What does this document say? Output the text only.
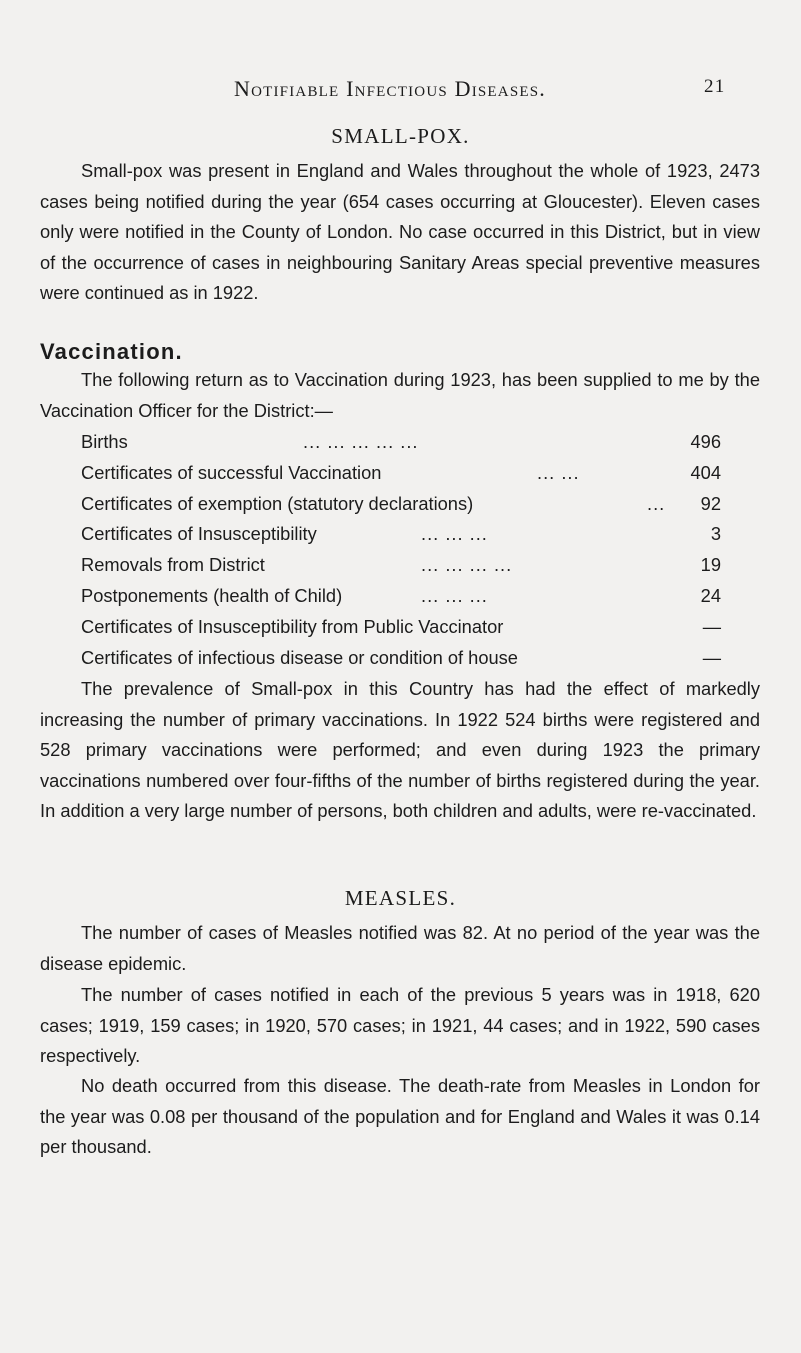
Notifiable Infectious Diseases.	21
SMALL-POX.
Small-pox was present in England and Wales throughout the whole of 1923, 2473 cases being notified during the year (654 cases occurring at Gloucester). Eleven cases only were notified in the County of London. No case occurred in this District, but in view of the occurrence of cases in neighbouring Sanitary Areas special preventive measures were continued as in 1922.
Vaccination.
The following return as to Vaccination during 1923, has been supplied to me by the Vaccination Officer for the District:—
Births	... ... ... ... ...	496
Certificates of successful Vaccination	... ...	404
Certificates of exemption (statutory declarations)	...	92
Certificates of Insusceptibility	... ... ...	3
Removals from District	... ... ... ...	19
Postponements (health of Child)	... ... ...	24
Certificates of Insusceptibility from Public Vaccinator	—
Certificates of infectious disease or condition of house	—
The prevalence of Small-pox in this Country has had the effect of markedly increasing the number of primary vaccinations. In 1922 524 births were registered and 528 primary vaccinations were performed; and even during 1923 the primary vaccinations numbered over four-fifths of the number of births registered during the year. In addition a very large number of persons, both children and adults, were re-vaccinated.
MEASLES.
The number of cases of Measles notified was 82. At no period of the year was the disease epidemic.
The number of cases notified in each of the previous 5 years was in 1918, 620 cases; 1919, 159 cases; in 1920, 570 cases; in 1921, 44 cases; and in 1922, 590 cases respectively.
No death occurred from this disease. The death-rate from Measles in London for the year was 0.08 per thousand of the population and for England and Wales it was 0.14 per thousand.
